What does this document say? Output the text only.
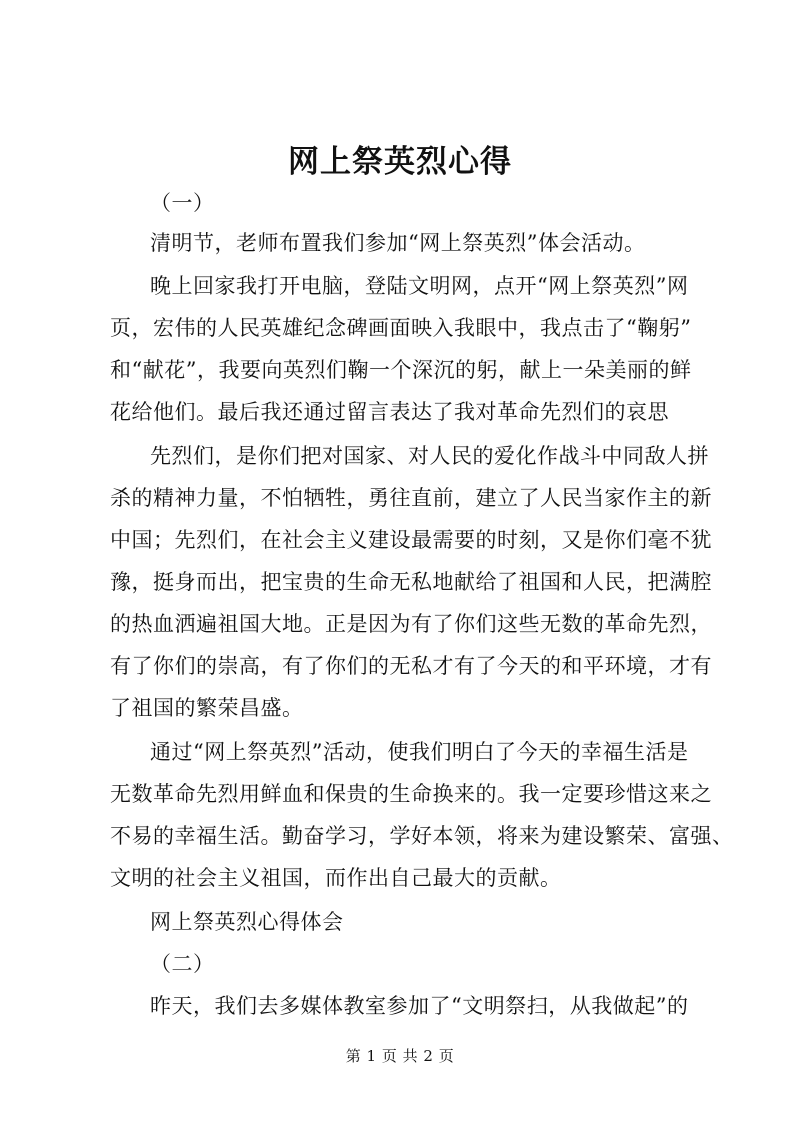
网上祭英烈心得
（一）
清明节，老师布置我们参加“网上祭英烈”体会活动。
晚上回家我打开电脑，登陆文明网，点开“网上祭英烈”网
页，宏伟的人民英雄纪念碑画面映入我眼中，我点击了“鞠躬”
和“献花”，我要向英烈们鞠一个深沉的躬，献上一朵美丽的鲜
花给他们。最后我还通过留言表达了我对革命先烈们的哀思
先烈们，是你们把对国家、对人民的爱化作战斗中同敌人拼
杀的精神力量，不怕牺牲，勇往直前，建立了人民当家作主的新
中国；先烈们，在社会主义建设最需要的时刻，又是你们毫不犹
豫，挺身而出，把宝贵的生命无私地献给了祖国和人民，把满腔
的热血洒遍祖国大地。正是因为有了你们这些无数的革命先烈，
有了你们的崇高，有了你们的无私才有了今天的和平环境，才有
了祖国的繁荣昌盛。
通过“网上祭英烈”活动，使我们明白了今天的幸福生活是
无数革命先烈用鲜血和保贵的生命换来的。我一定要珍惜这来之
不易的幸福生活。勤奋学习，学好本领，将来为建设繁荣、富强、
文明的社会主义祖国，而作出自己最大的贡献。
网上祭英烈心得体会
（二）
昨天，我们去多媒体教室参加了“文明祭扫，从我做起”的
第 1 页 共 2 页
